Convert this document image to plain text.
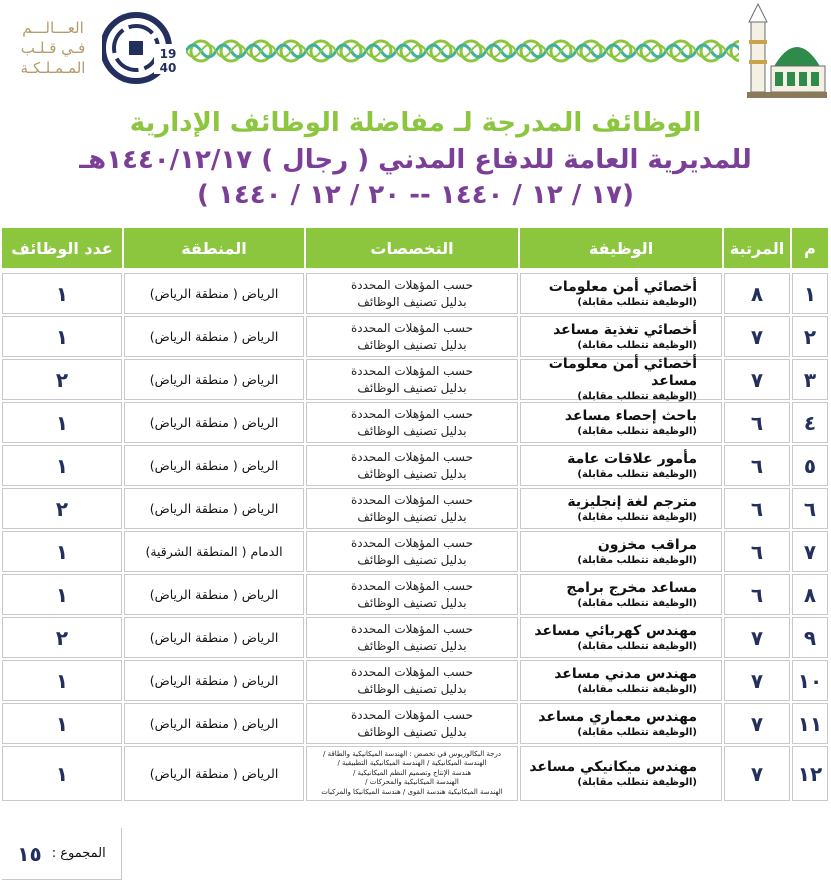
العـــالـــم
فـي قـلـب
المـمـلـكـة
19
40
الوظائف المدرجة لـ مفاضلة الوظائف الإدارية
للمديرية العامة للدفاع المدني ( رجال ) ١٤٤٠/١٢/١٧هـ
(١٧ / ١٢ / ١٤٤٠ -- ٢٠ / ١٢ / ١٤٤٠ )
م
المرتبة
الوظيفة
التخصصات
المنطقة
عدد الوظائف
١
٨
أخصائي أمن معلومات
(الوظيفة تتطلب مقابلة)
حسب المؤهلات المحددة
بدليل تصنيف الوظائف
الرياض ( منطقة الرياض)
١
٢
٧
أخصائي تغذية مساعد
(الوظيفة تتطلب مقابلة)
حسب المؤهلات المحددة
بدليل تصنيف الوظائف
الرياض ( منطقة الرياض)
١
٣
٧
أخصائي أمن معلومات مساعد
(الوظيفة تتطلب مقابلة)
حسب المؤهلات المحددة
بدليل تصنيف الوظائف
الرياض ( منطقة الرياض)
٢
٤
٦
باحث إحصاء مساعد
(الوظيفة تتطلب مقابلة)
حسب المؤهلات المحددة
بدليل تصنيف الوظائف
الرياض ( منطقة الرياض)
١
٥
٦
مأمور علاقات عامة
(الوظيفة تتطلب مقابلة)
حسب المؤهلات المحددة
بدليل تصنيف الوظائف
الرياض ( منطقة الرياض)
١
٦
٦
مترجم لغة إنجليزية
(الوظيفة تتطلب مقابلة)
حسب المؤهلات المحددة
بدليل تصنيف الوظائف
الرياض ( منطقة الرياض)
٢
٧
٦
مراقب مخزون
(الوظيفة تتطلب مقابلة)
حسب المؤهلات المحددة
بدليل تصنيف الوظائف
الدمام ( المنطقة الشرقية)
١
٨
٦
مساعد مخرج برامج
(الوظيفة تتطلب مقابلة)
حسب المؤهلات المحددة
بدليل تصنيف الوظائف
الرياض ( منطقة الرياض)
١
٩
٧
مهندس كهربائي مساعد
(الوظيفة تتطلب مقابلة)
حسب المؤهلات المحددة
بدليل تصنيف الوظائف
الرياض ( منطقة الرياض)
٢
١٠
٧
مهندس مدني مساعد
(الوظيفة تتطلب مقابلة)
حسب المؤهلات المحددة
بدليل تصنيف الوظائف
الرياض ( منطقة الرياض)
١
١١
٧
مهندس معماري مساعد
(الوظيفة تتطلب مقابلة)
حسب المؤهلات المحددة
بدليل تصنيف الوظائف
الرياض ( منطقة الرياض)
١
١٢
٧
مهندس ميكانيكي مساعد
(الوظيفة تتطلب مقابلة)
درجة البكالوريوس في تخصص : الهندسة الميكانيكية والطاقة /
الهندسة الميكانيكية / الهندسة الميكانيكية التطبيقية /
هندسة الإنتاج وتصميم النظم الميكانيكية /
الهندسة الميكانيكية والمحركات /
الهندسة الميكانيكية هندسة القوى / هندسة الميكانيكا والمركبات
الرياض ( منطقة الرياض)
١
المجموع :
١٥
